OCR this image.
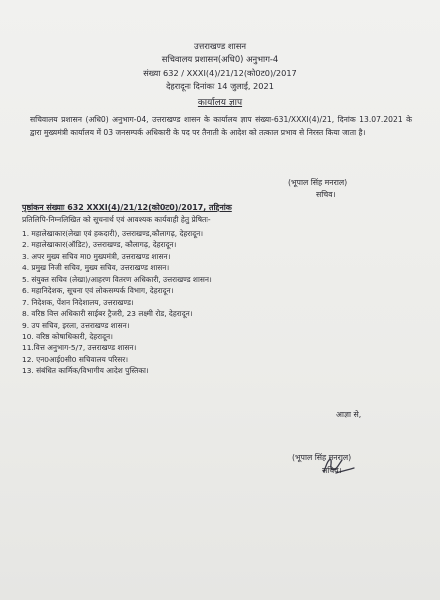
उत्तराखण्ड शासन
सचिवालय प्रशासन(अधि0) अनुभाग-4
संख्या 632 / XXXI(4)/21/12(को0ट0)/2017
देहरादूनः दिनांकः 14 जुलाई, 2021
कार्यालय ज्ञाप
सचिवालय प्रशासन (अधि0) अनुभाग-04, उत्तराखण्ड शासन के कार्यालय ज्ञाप संख्या-631/XXXI(4)/21, दिनांक 13.07.2021 के द्वारा मुख्यमंत्री कार्यालय में 03 जनसम्पर्क अधिकारी के पद पर तैनाती के आदेश को तत्काल प्रभाव से निरस्त किया जाता है।
(भूपाल सिंह मनराल)
सचिव।
पृष्ठांकन संख्याः 632 XXXI(4)/21/12(को0ट0)/2017, तद्दिनांक
प्रतिलिपि-निम्नलिखित को सूचनार्थ एवं आवश्यक कार्यवाही हेतु प्रेषितः-
1. महालेखाकार(लेखा एवं हकदारी), उत्तराखण्ड,कौलागढ़, देहरादून।
2. महालेखाकार(ऑडिट), उत्तराखण्ड, कौलागढ़, देहरादून।
3. अपर मुख्य सचिव मा0 मुख्यमंत्री, उत्तराखण्ड शासन।
4. प्रमुख निजी सचिव, मुख्य सचिव, उत्तराखण्ड शासन।
5. संयुक्त सचिव (लेखा)/आहरण वितरण अधिकारी, उत्तराखण्ड शासन।
6. महानिदेशक, सूचना एवं लोकसम्पर्क विभाग, देहरादून।
7. निदेशक, पेंशन निदेशालय, उत्तराखण्ड।
8. वरिष्ठ वित्त अधिकारी साईबर ट्रैजरी, 23 लक्ष्मी रोड, देहरादून।
9. उप सचिव, इरला, उत्तराखण्ड शासन।
10. वरिष्ठ कोषाधिकारी, देहरादून।
11.वित्त अनुभाग-5/7, उत्तराखण्ड शासन।
12. एन0आई0सी0 सचिवालय परिसर।
13. संबंधित कार्मिक/विभागीय आदेश पुस्तिका।
आज्ञा से,
(भूपाल सिंह मनराल)
सचिव।
